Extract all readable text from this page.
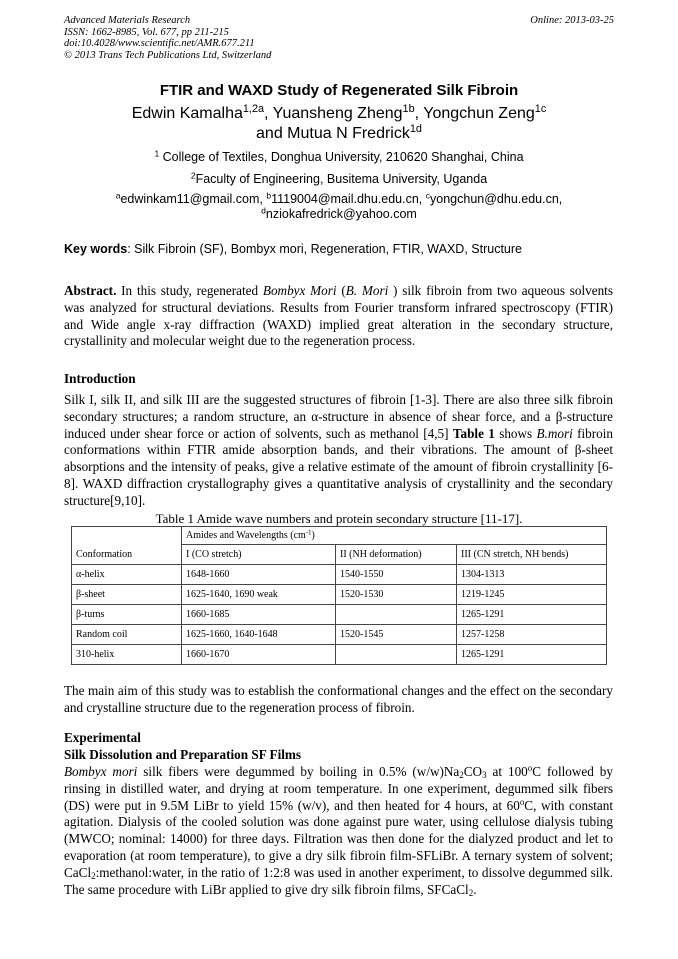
Advanced Materials Research
ISSN: 1662-8985, Vol. 677, pp 211-215
doi:10.4028/www.scientific.net/AMR.677.211
© 2013 Trans Tech Publications Ltd, Switzerland
Online: 2013-03-25
FTIR and WAXD Study of Regenerated Silk Fibroin
Edwin Kamalha$^{1,2a}$, Yuansheng Zheng$^{1b}$, Yongchun Zeng$^{1c}$
and Mutua N Fredrick$^{1d}$
$^1$ College of Textiles, Donghua University, 210620 Shanghai, China
$^2$Faculty of Engineering, Busitema University, Uganda
$^a$edwinkam11@gmail.com, $^b$1119004@mail.dhu.edu.cn, $^c$yongchun@dhu.edu.cn,
$^d$nziokafredrick@yahoo.com
Key words: Silk Fibroin (SF), Bombyx mori, Regeneration, FTIR, WAXD, Structure
Abstract. In this study, regenerated Bombyx Mori (B. Mori ) silk fibroin from two aqueous solvents was analyzed for structural deviations. Results from Fourier transform infrared spectroscopy (FTIR) and Wide angle x-ray diffraction (WAXD) implied great alteration in the secondary structure, crystallinity and molecular weight due to the regeneration process.
Introduction
Silk I, silk II, and silk III are the suggested structures of fibroin [1-3]. There are also three silk fibroin secondary structures; a random structure, an α-structure in absence of shear force, and a β-structure induced under shear force or action of solvents, such as methanol [4,5] Table 1 shows B.mori fibroin conformations within FTIR amide absorption bands, and their vibrations. The amount of β-sheet absorptions and the intensity of peaks, give a relative estimate of the amount of fibroin crystallinity [6-8]. WAXD diffraction crystallography gives a quantitative analysis of crystallinity and the secondary structure[9,10].
Table 1 Amide wave numbers and protein secondary structure [11-17].
Conformation	Amides and Wavelengths $(cm^{-1})$		
	I (CO stretch)	II (NH deformation)	III (CN stretch, NH bends)
α-helix	1648-1660	1540-1550	1304-1313
β-sheet	1625-1640, 1690 weak	1520-1530	1219-1245
β-turns	1660-1685		1265-1291
Random coil	1625-1660, 1640-1648	1520-1545	1257-1258
310-helix	1660-1670		1265-1291
The main aim of this study was to establish the conformational changes and the effect on the secondary and crystalline structure due to the regeneration process of fibroin.
Experimental
Silk Dissolution and Preparation SF Films
Bombyx mori silk fibers were degummed by boiling in 0.5% $(w/w)Na_2CO_3$ at 100$^o$C followed by rinsing in distilled water, and drying at room temperature. In one experiment, degummed silk fibers (DS) were put in 9.5M LiBr to yield 15% (w/v), and then heated for 4 hours, at 60$^o$C, with constant agitation. Dialysis of the cooled solution was done against pure water, using cellulose dialysis tubing (MWCO; nominal: 14000) for three days. Filtration was then done for the dialyzed product and let to evaporation (at room temperature), to give a dry silk fibroin film-SFLiBr. A ternary system of solvent; CaCl$_2$:methanol:water, in the ratio of 1:2:8 was used in another experiment, to dissolve degummed silk. The same procedure with LiBr applied to give dry silk fibroin films, SFCaCl$_2$.
